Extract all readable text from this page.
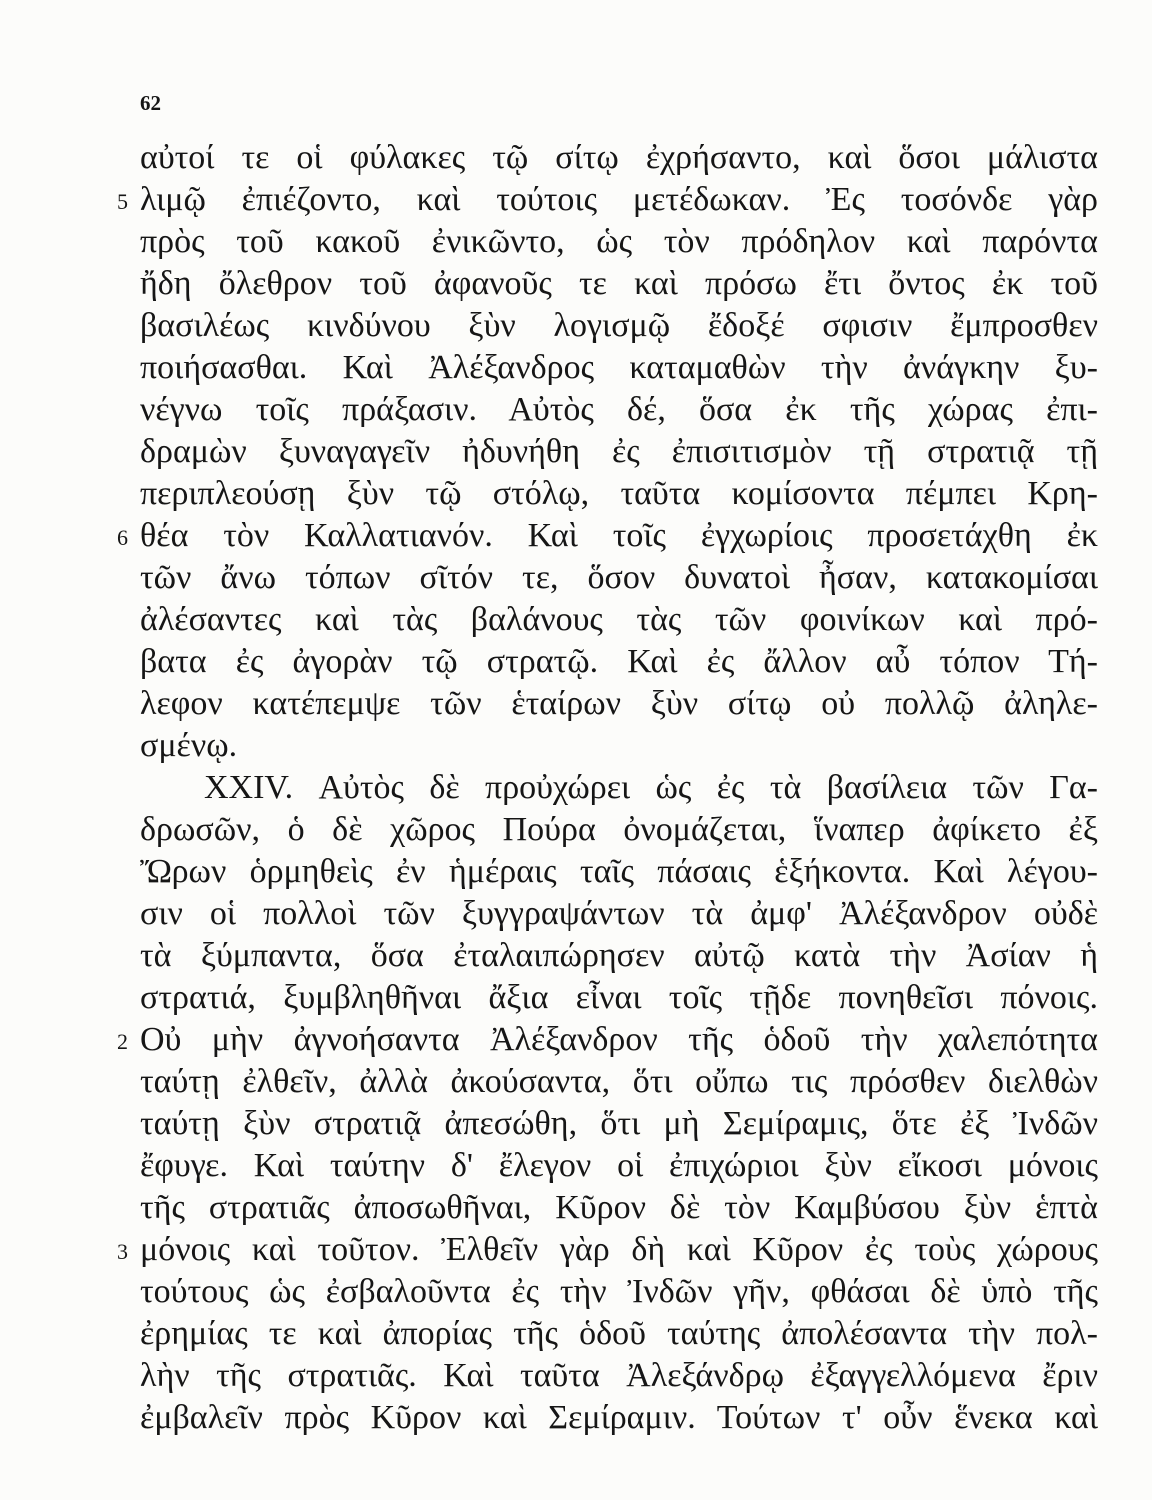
62
αὐτοί τε οἱ φύλακες τῷ σίτῳ ἐχρήσαντο, καὶ ὅσοι μάλιστα
5 λιμῷ ἐπιέζοντο, καὶ τούτοις μετέδωκαν. Ἐς τοσόνδε γὰρ
πρὸς τοῦ κακοῦ ἐνικῶντο, ὡς τὸν πρόδηλον καὶ παρόντα
ἤδη ὄλεθρον τοῦ ἀφανοῦς τε καὶ πρόσω ἔτι ὄντος ἐκ τοῦ
βασιλέως κινδύνου ξὺν λογισμῷ ἔδοξέ σφισιν ἔμπροσθεν
ποιήσασθαι. Καὶ Ἀλέξανδρος καταμαθὼν τὴν ἀνάγκην ξυ-
νέγνω τοῖς πράξασιν. Αὐτὸς δέ, ὅσα ἐκ τῆς χώρας ἐπι-
δραμὼν ξυναγαγεῖν ἠδυνήθη ἐς ἐπισιτισμὸν τῇ στρατιᾷ τῇ
περιπλεούσῃ ξὺν τῷ στόλῳ, ταῦτα κομίσοντα πέμπει Κρη-
6 θέα τὸν Καλλατιανόν. Καὶ τοῖς ἐγχωρίοις προσετάχθη ἐκ
τῶν ἄνω τόπων σῖτόν τε, ὅσον δυνατοὶ ἦσαν, κατακομίσαι
ἀλέσαντες καὶ τὰς βαλάνους τὰς τῶν φοινίκων καὶ πρό-
βατα ἐς ἀγορὰν τῷ στρατῷ. Καὶ ἐς ἄλλον αὖ τόπον Τή-
λεφον κατέπεμψε τῶν ἑταίρων ξὺν σίτῳ οὐ πολλῷ ἀληλε-
σμένῳ.
XXIV. Αὐτὸς δὲ προὐχώρει ὡς ἐς τὰ βασίλεια τῶν Γα-
δρωσῶν, ὁ δὲ χῶρος Πούρα ὀνομάζεται, ἵναπερ ἀφίκετο ἐξ
Ὤρων ὁρμηθεὶς ἐν ἡμέραις ταῖς πάσαις ἑξήκοντα. Καὶ λέγου-
σιν οἱ πολλοὶ τῶν ξυγγραψάντων τὰ ἀμφ' Ἀλέξανδρον οὐδὲ
τὰ ξύμπαντα, ὅσα ἐταλαιπώρησεν αὐτῷ κατὰ τὴν Ἀσίαν ἡ
στρατιά, ξυμβληθῆναι ἄξια εἶναι τοῖς τῇδε πονηθεῖσι πόνοις.
2 Οὐ μὴν ἀγνοήσαντα Ἀλέξανδρον τῆς ὁδοῦ τὴν χαλεπότητα
ταύτῃ ἐλθεῖν, ἀλλὰ ἀκούσαντα, ὅτι οὔπω τις πρόσθεν διελθὼν
ταύτῃ ξὺν στρατιᾷ ἀπεσώθη, ὅτι μὴ Σεμίραμις, ὅτε ἐξ Ἰνδῶν
ἔφυγε. Καὶ ταύτην δ' ἔλεγον οἱ ἐπιχώριοι ξὺν εἴκοσι μόνοις
τῆς στρατιᾶς ἀποσωθῆναι, Κῦρον δὲ τὸν Καμβύσου ξὺν ἑπτὰ
3 μόνοις καὶ τοῦτον. Ἐλθεῖν γὰρ δὴ καὶ Κῦρον ἐς τοὺς χώρους
τούτους ὡς ἐσβαλοῦντα ἐς τὴν Ἰνδῶν γῆν, φθάσαι δὲ ὑπὸ τῆς
ἐρημίας τε καὶ ἀπορίας τῆς ὁδοῦ ταύτης ἀπολέσαντα τὴν πολ-
λὴν τῆς στρατιᾶς. Καὶ ταῦτα Ἀλεξάνδρῳ ἐξαγγελλόμενα ἔριν
ἐμβαλεῖν πρὸς Κῦρον καὶ Σεμίραμιν. Τούτων τ' οὖν ἕνεκα καὶ
